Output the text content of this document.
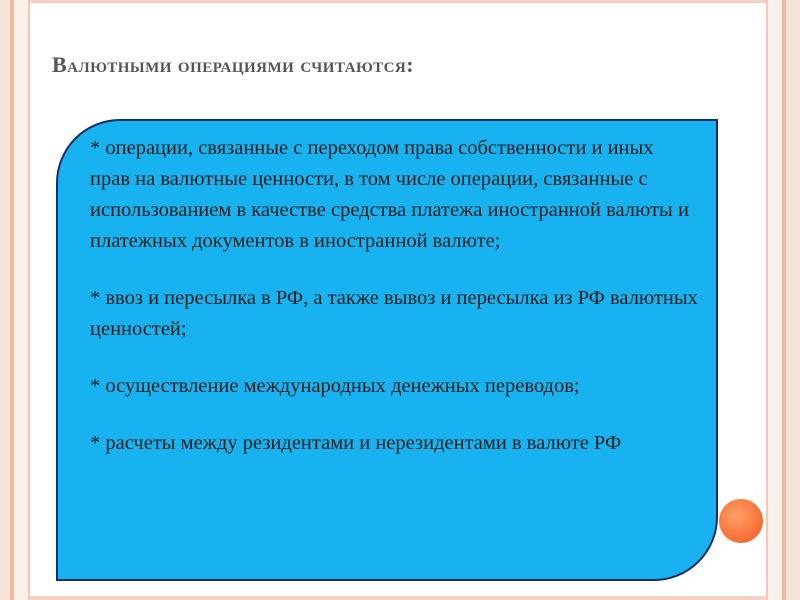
Валютными операциями считаются:

* операции, связанные с переходом права собственности и иных прав на валютные ценности, в том числе операции, связанные с использованием в качестве средства платежа иностранной валюты и платежных документов в иностранной валюте;

* ввоз и пересылка в РФ, а также вывоз и пересылка из РФ валютных ценностей;

* осуществление международных денежных переводов;

* расчеты между резидентами и нерезидентами в валюте РФ
